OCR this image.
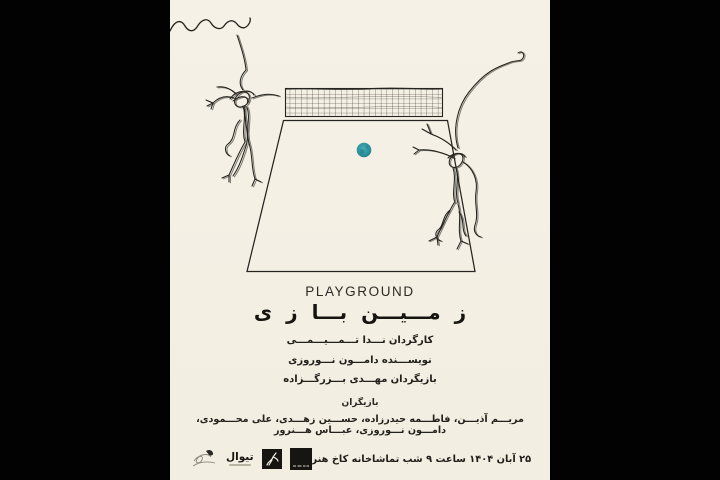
PLAYGROUND
ز مـــیـــن بـــا ز ی
کارگردان نـــدا تـــمـــیـــمـــی
نویســـنده دامـــون نـــوروزی
بازیگردان مهـــدی بـــزرگـــزاده
بازیگران
مریـــم آذیـــن، فاطـــمه حیدرزاده، حســـین زهـــدی، علی محـــمودی، دامـــون نـــوروزی، عبـــاس هـــنرور
تیوال	۲۵ آبان ۱۴۰۴ ساعت ۹ شب تماشاخانه کاخ هنر
